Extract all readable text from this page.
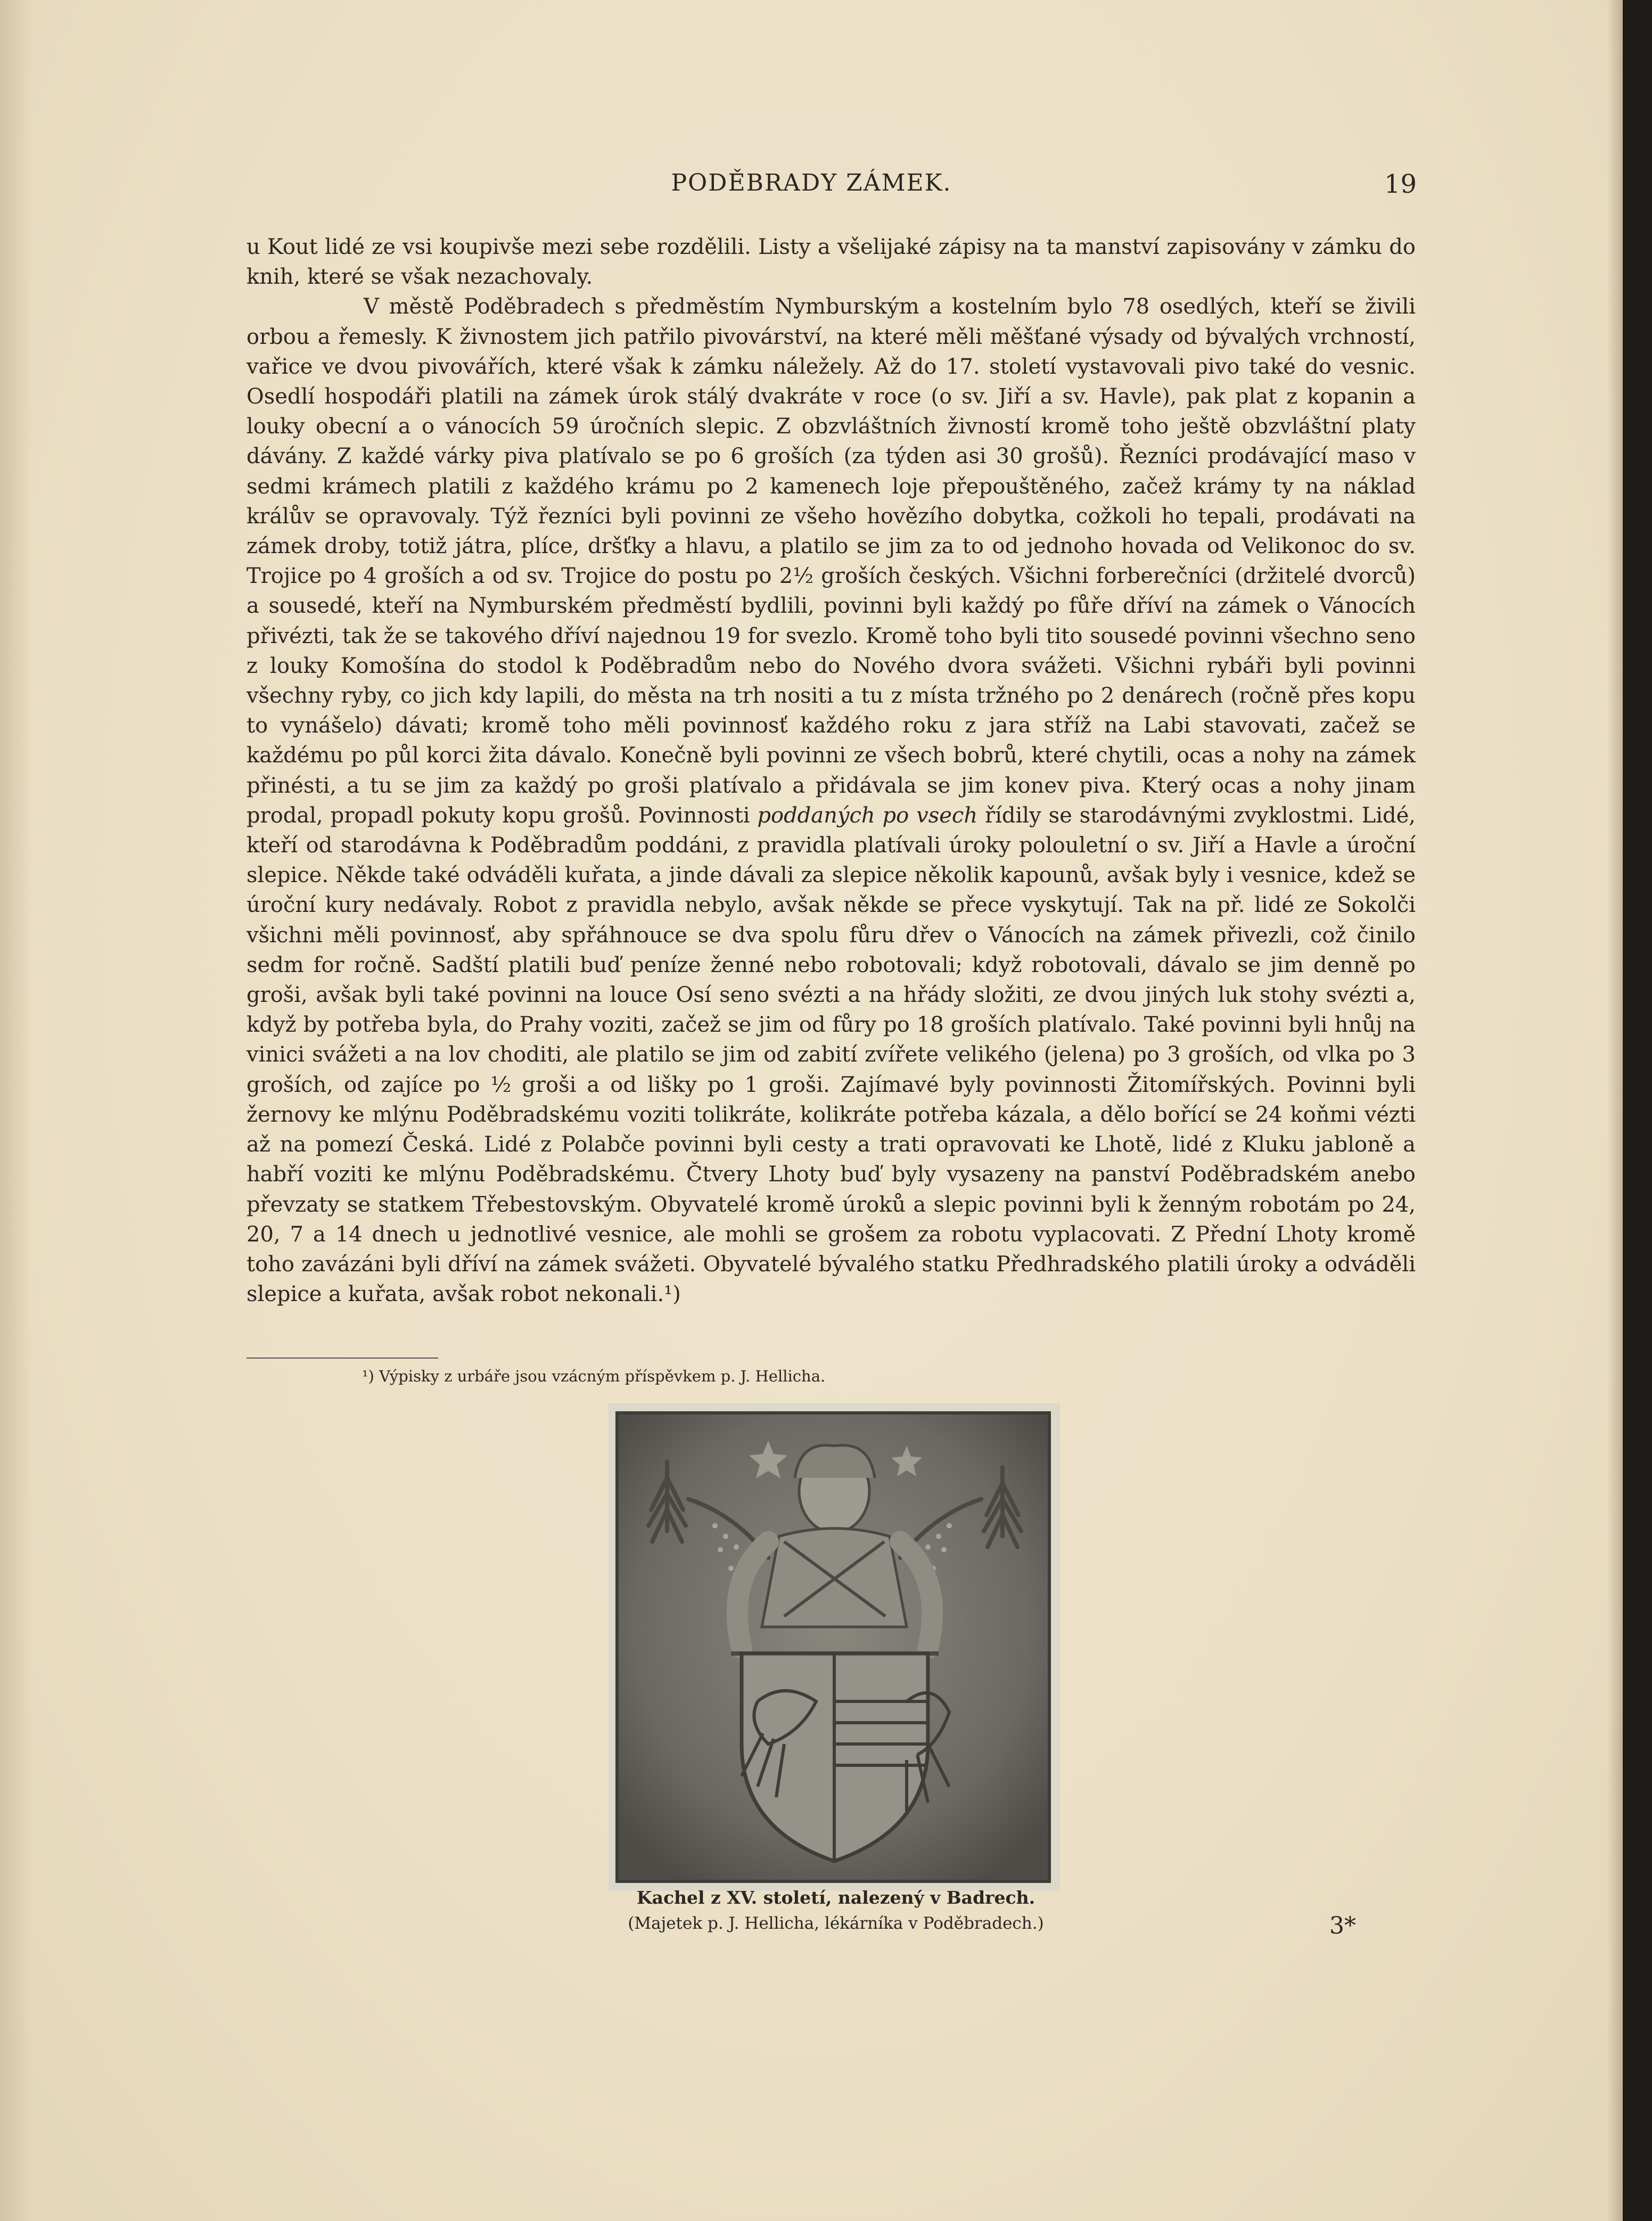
PODĚBRADY ZÁMEK.	19

u Kout lidé ze vsi koupivše mezi sebe rozdělili. Listy a všelijaké zápisy na ta manství zapisovány v zámku do knih, které se však nezachovaly.

V městě Poděbradech s předměstím Nymburským a kostelním bylo 78 osedlých, kteří se živili orbou a řemesly. K živnostem jich patřilo pivovárství, na které měli měšťané výsady od bývalých vrchností, vařice ve dvou pivovářích, které však k zámku náležely. Až do 17. století vystavovali pivo také do vesnic. Osedlí hospodáři platili na zámek úrok stálý dvakráte v roce (o sv. Jiří a sv. Havle), pak plat z kopanin a louky obecní a o vánocích 59 úročních slepic. Z obzvláštních živností kromě toho ještě obzvláštní platy dávány. Z každé várky piva platívalo se po 6 groších (za týden asi 30 grošů). Řezníci prodávající maso v sedmi krámech platili z každého krámu po 2 kamenech loje přepouštěného, začež krámy ty na náklad králův se opravovaly. Týž řezníci byli povinni ze všeho hovězího dobytka, cožkoli ho tepali, prodávati na zámek droby, totiž játra, plíce, dršťky a hlavu, a platilo se jim za to od jednoho hovada od Velikonoc do sv. Trojice po 4 groších a od sv. Trojice do postu po 2½ groších českých. Všichni forberečníci (držitelé dvorců) a sousedé, kteří na Nymburském předměstí bydlili, povinni byli každý po fůře dříví na zámek o Vánocích přivézti, tak že se takového dříví najednou 19 for svezlo. Kromě toho byli tito sousedé povinni všechno seno z louky Komošína do stodol k Poděbradům nebo do Nového dvora svážeti. Všichni rybáři byli povinni všechny ryby, co jich kdy lapili, do města na trh nositi a tu z místa tržného po 2 denárech (ročně přes kopu to vynášelo) dávati; kromě toho měli povinnosť každého roku z jara stříž na Labi stavovati, začež se každému po půl korci žita dávalo. Konečně byli povinni ze všech bobrů, které chytili, ocas a nohy na zámek přinésti, a tu se jim za každý po groši platívalo a přidávala se jim konev piva. Který ocas a nohy jinam prodal, propadl pokuty kopu grošů. Povinnosti poddaných po vsech řídily se starodávnými zvyklostmi. Lidé, kteří od starodávna k Poděbradům poddáni, z pravidla platívali úroky polouletní o sv. Jiří a Havle a úroční slepice. Někde také odváděli kuřata, a jinde dávali za slepice několik kapounů, avšak byly i vesnice, kdež se úroční kury nedávaly. Robot z pravidla nebylo, avšak někde se přece vyskytují. Tak na př. lidé ze Sokolči všichni měli povinnosť, aby spřáhnouce se dva spolu fůru dřev o Vánocích na zámek přivezli, což činilo sedm for ročně. Sadští platili buď peníze ženné nebo robotovali; když robotovali, dávalo se jim denně po groši, avšak byli také povinni na louce Osí seno svézti a na hřády složiti, ze dvou jiných luk stohy svézti a, když by potřeba byla, do Prahy voziti, začež se jim od fůry po 18 groších platívalo. Také povinni byli hnůj na vinici svážeti a na lov choditi, ale platilo se jim od zabití zvířete velikého (jelena) po 3 groších, od vlka po 3 groších, od zajíce po ½ groši a od lišky po 1 groši. Zajímavé byly povinnosti Žitomířských. Povinni byli žernovy ke mlýnu Poděbradskému voziti tolikráte, kolikráte potřeba kázala, a dělo bořící se 24 koňmi vézti až na pomezí Česká. Lidé z Polabče povinni byli cesty a trati opravovati ke Lhotě, lidé z Kluku jabloně a habří voziti ke mlýnu Poděbradskému. Čtvery Lhoty buď byly vysazeny na panství Poděbradském anebo převzaty se statkem Třebestovským. Obyvatelé kromě úroků a slepic povinni byli k ženným robotám po 24, 20, 7 a 14 dnech u jednotlivé vesnice, ale mohli se grošem za robotu vyplacovati. Z Přední Lhoty kromě toho zavázáni byli dříví na zámek svážeti. Obyvatelé bývalého statku Předhradského platili úroky a odváděli slepice a kuřata, avšak robot nekonali.¹)

¹) Výpisky z urbáře jsou vzácným příspěvkem p. J. Hellicha.
Kachel z XV. století, nalezený v Badrech.
(Majetek p. J. Hellicha, lékárníka v Poděbradech.)	3*
